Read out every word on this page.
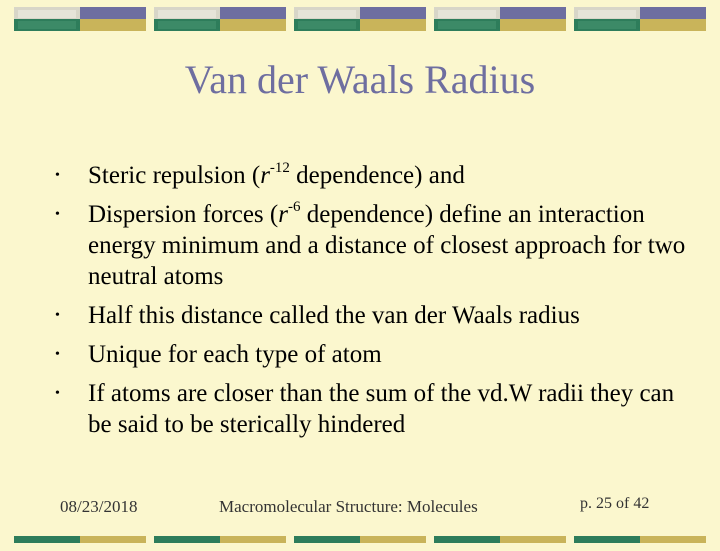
Van der Waals Radius
• Steric repulsion ($r^{-12}$ dependence) and
• Dispersion forces ($r^{-6}$ dependence) define an interaction energy minimum and a distance of closest approach for two neutral atoms
• Half this distance called the van der Waals radius
• Unique for each type of atom
• If atoms are closer than the sum of the vd.W radii they can be said to be sterically hindered
08/23/2018	Macromolecular Structure: Molecules	p. 25 of 42
